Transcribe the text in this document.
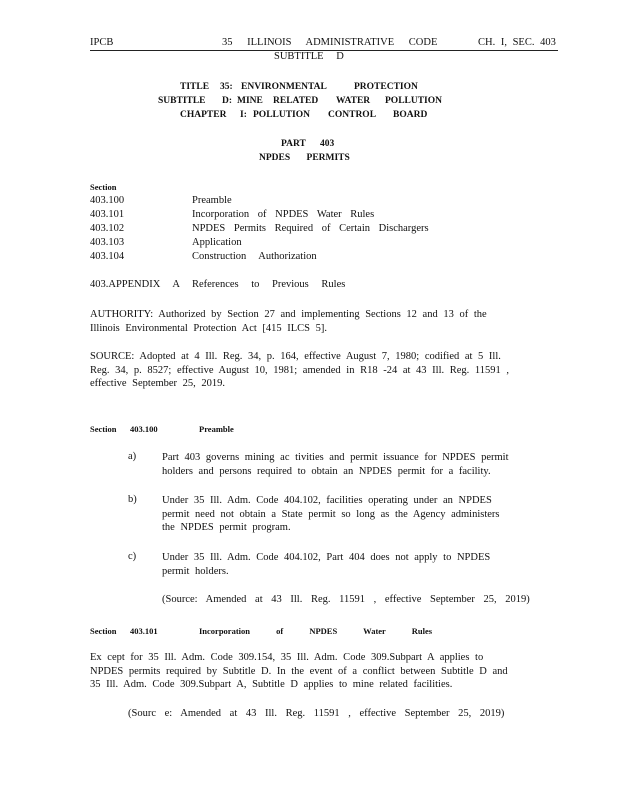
IPCB	35 ILLINOIS ADMINISTRATIVE CODE	CH. I, SEC. 403
SUBTITLE D
TITLE 35: ENVIRONMENTAL	PROTECTION
SUBTITLE D: MINE RELATED WATER POLLUTION
CHAPTER I: POLLUTION CONTROL BOARD
PART 403
NPDES PERMITS
Section
403.100	Preamble
403.101	Incorporation of NPDES Water Rules
403.102	NPDES Permits Required of Certain Dischargers
403.103	Application
403.104	Construction Authorization
403.APPENDIX A References to Previous Rules
AUTHORITY: Authorized by Section 27 and implementing Sections 12 and 13 of the
Illinois Environmental Protection Act [415 ILCS 5].
SOURCE: Adopted at 4 Ill. Reg. 34, p. 164, effective August 7, 1980; codified at 5 Ill.
Reg. 34, p. 8527; effective August 10, 1981; amended in R18 -24 at 43 Ill. Reg. 11591 ,
effective September 25, 2019.
Section 403.100	Preamble
a) Part 403 governs mining ac tivities and permit issuance for NPDES permit
holders and persons required to obtain an NPDES permit for a facility.
b) Under 35 Ill. Adm. Code 404.102, facilities operating under an NPDES
permit need not obtain a State permit so long as the Agency administers
the NPDES permit program.
c) Under 35 Ill. Adm. Code 404.102, Part 404 does not apply to NPDES
permit holders.
(Source: Amended at 43 Ill. Reg. 11591 , effective September 25, 2019)
Section 403.101	Incorporation of NPDES Water Rules
Ex cept for 35 Ill. Adm. Code 309.154, 35 Ill. Adm. Code 309.Subpart A applies to
NPDES permits required by Subtitle D. In the event of a conflict between Subtitle D and
35 Ill. Adm. Code 309.Subpart A, Subtitle D applies to mine related facilities.
(Sourc e: Amended at 43 Ill. Reg. 11591 , effective September 25, 2019)
